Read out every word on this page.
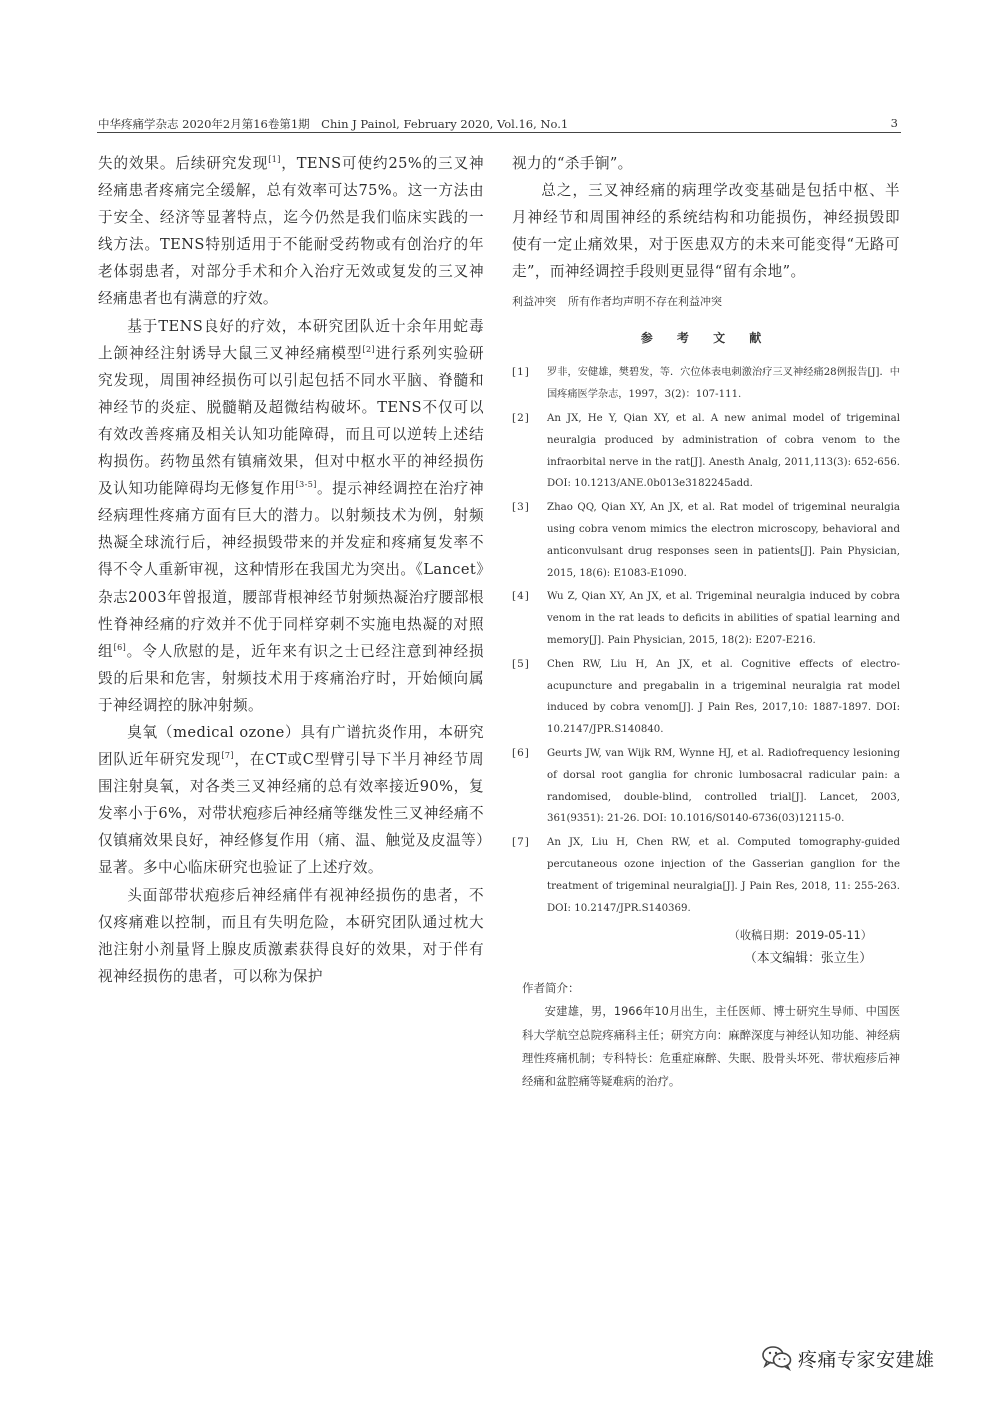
中华疼痛学杂志 2020年2月第16卷第1期　Chin J Painol, February 2020, Vol.16, No.1	3

失的效果。后续研究发现[1]，TENS可使约25%的三叉神经痛患者疼痛完全缓解，总有效率可达75%。这一方法由于安全、经济等显著特点，迄今仍然是我们临床实践的一线方法。TENS特别适用于不能耐受药物或有创治疗的年老体弱患者，对部分手术和介入治疗无效或复发的三叉神经痛患者也有满意的疗效。

基于TENS良好的疗效，本研究团队近十余年用蛇毒上颌神经注射诱导大鼠三叉神经痛模型[2]进行系列实验研究发现，周围神经损伤可以引起包括不同水平脑、脊髓和神经节的炎症、脱髓鞘及超微结构破坏。TENS不仅可以有效改善疼痛及相关认知功能障碍，而且可以逆转上述结构损伤。药物虽然有镇痛效果，但对中枢水平的神经损伤及认知功能障碍均无修复作用[3-5]。提示神经调控在治疗神经病理性疼痛方面有巨大的潜力。以射频技术为例，射频热凝全球流行后，神经损毁带来的并发症和疼痛复发率不得不令人重新审视，这种情形在我国尤为突出。《Lancet》杂志2003年曾报道，腰部背根神经节射频热凝治疗腰部根性脊神经痛的疗效并不优于同样穿刺不实施电热凝的对照组[6]。令人欣慰的是，近年来有识之士已经注意到神经损毁的后果和危害，射频技术用于疼痛治疗时，开始倾向属于神经调控的脉冲射频。

臭氧（medical ozone）具有广谱抗炎作用，本研究团队近年研究发现[7]，在CT或C型臂引导下半月神经节周围注射臭氧，对各类三叉神经痛的总有效率接近90%，复发率小于6%，对带状疱疹后神经痛等继发性三叉神经痛不仅镇痛效果良好，神经修复作用（痛、温、触觉及皮温等）显著。多中心临床研究也验证了上述疗效。

头面部带状疱疹后神经痛伴有视神经损伤的患者，不仅疼痛难以控制，而且有失明危险，本研究团队通过枕大池注射小剂量肾上腺皮质激素获得良好的效果，对于伴有视神经损伤的患者，可以称为保护

视力的“杀手锏”。

总之，三叉神经痛的病理学改变基础是包括中枢、半月神经节和周围神经的系统结构和功能损伤，神经损毁即使有一定止痛效果，对于医患双方的未来可能变得“无路可走”，而神经调控手段则更显得“留有余地”。

利益冲突 所有作者均声明不存在利益冲突
参 考 文 献

[1] 罗非，安健雄，樊碧发，等．穴位体表电刺激治疗三叉神经痛28例报告[J]．中国疼痛医学杂志，1997，3(2)：107-111.

[2] An JX, He Y, Qian XY, et al. A new animal model of trigeminal neuralgia produced by administration of cobra venom to the infraorbital nerve in the rat[J]. Anesth Analg, 2011,113(3): 652-656. DOI: 10.1213/ANE.0b013e3182245add.

[3] Zhao QQ, Qian XY, An JX, et al. Rat model of trigeminal neuralgia using cobra venom mimics the electron microscopy, behavioral and anticonvulsant drug responses seen in patients[J]. Pain Physician, 2015, 18(6): E1083-E1090.

[4] Wu Z, Qian XY, An JX, et al. Trigeminal neuralgia induced by cobra venom in the rat leads to deficits in abilities of spatial learning and memory[J]. Pain Physician, 2015, 18(2): E207-E216.

[5] Chen RW, Liu H, An JX, et al. Cognitive effects of electro-acupuncture and pregabalin in a trigeminal neuralgia rat model induced by cobra venom[J]. J Pain Res, 2017,10: 1887-1897. DOI: 10.2147/JPR.S140840.

[6] Geurts JW, van Wijk RM, Wynne HJ, et al. Radiofrequency lesioning of dorsal root ganglia for chronic lumbosacral radicular pain: a randomised, double-blind, controlled trial[J]. Lancet, 2003, 361(9351): 21-26. DOI: 10.1016/S0140-6736(03)12115-0.

[7] An JX, Liu H, Chen RW, et al. Computed tomography-guided percutaneous ozone injection of the Gasserian ganglion for the treatment of trigeminal neuralgia[J]. J Pain Res, 2018, 11: 255-263. DOI: 10.2147/JPR.S140369.

（收稿日期：2019-05-11）
（本文编辑：张立生）
作者简介：

安建雄，男，1966年10月出生，主任医师、博士研究生导师、中国医科大学航空总院疼痛科主任；研究方向：麻醉深度与神经认知功能、神经病理性疼痛机制；专科特长：危重症麻醉、失眠、股骨头坏死、带状疱疹后神经痛和盆腔痛等疑难病的治疗。

疼痛专家安建雄
